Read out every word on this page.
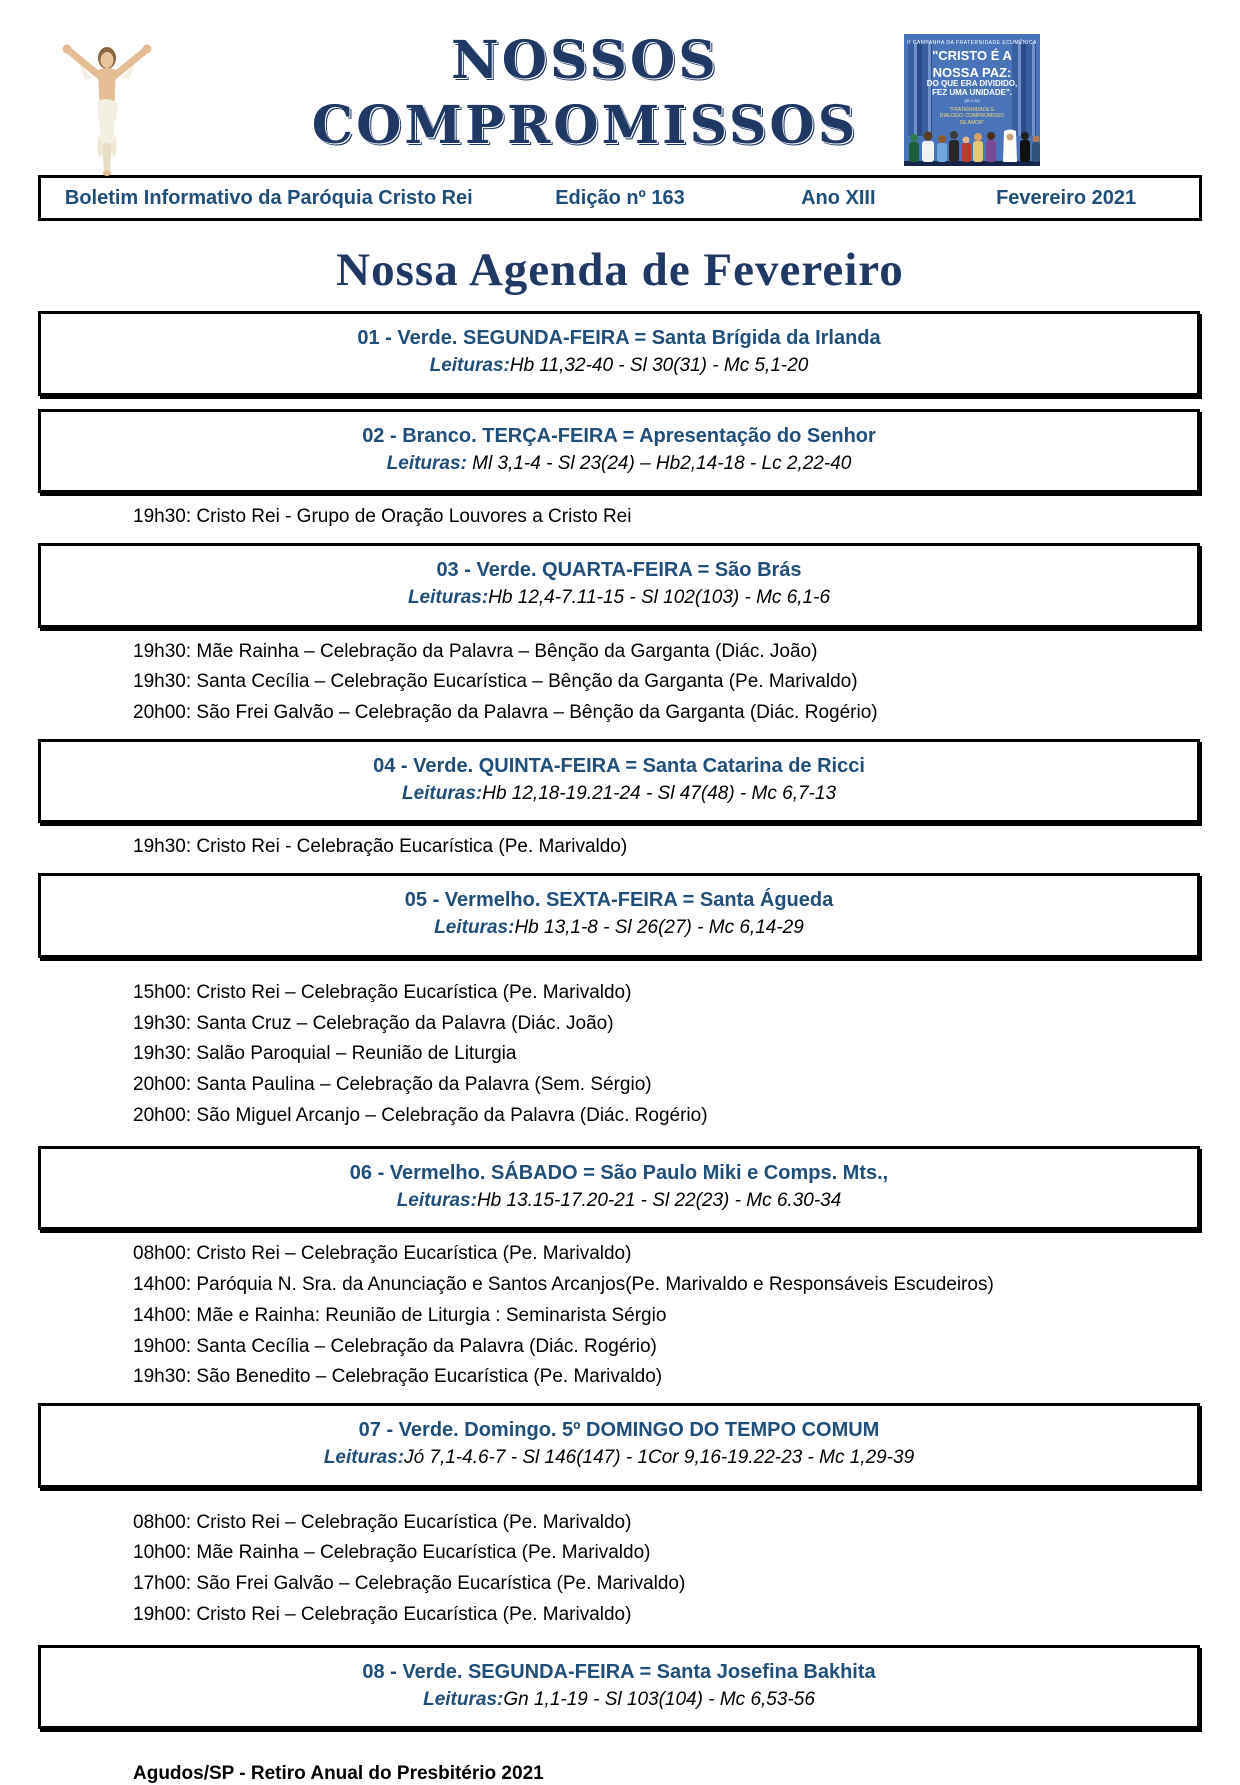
NOSSOS
COMPROMISSOS
II CAMPANHA DA FRATERNIDADE ECUMÊNICA
"CRISTO É A
NOSSA PAZ:
DO QUE ERA DIVIDIDO,
FEZ UMA UNIDADE".
(Ef 2,14)
"FRATERNIDADE E
DIÁLOGO: COMPROMISSO
DE AMOR"
Boletim Informativo da Paróquia Cristo Rei	Edição nº 163	Ano XIII	Fevereiro 2021
Nossa Agenda de Fevereiro
01 - Verde. SEGUNDA-FEIRA = Santa Brígida da Irlanda
Leituras:Hb 11,32-40 - Sl 30(31) - Mc 5,1-20
02 - Branco. TERÇA-FEIRA = Apresentação do Senhor
Leituras: Ml 3,1-4 - Sl 23(24) – Hb2,14-18 - Lc 2,22-40
19h30: Cristo Rei - Grupo de Oração Louvores a Cristo Rei
03 - Verde. QUARTA-FEIRA = São Brás
Leituras:Hb 12,4-7.11-15 - Sl 102(103) - Mc 6,1-6
19h30: Mãe Rainha – Celebração da Palavra – Bênção da Garganta (Diác. João)
19h30: Santa Cecília – Celebração Eucarística – Bênção da Garganta (Pe. Marivaldo)
20h00: São Frei Galvão – Celebração da Palavra – Bênção da Garganta (Diác. Rogério)
04 - Verde. QUINTA-FEIRA = Santa Catarina de Ricci
Leituras:Hb 12,18-19.21-24 - Sl 47(48) - Mc 6,7-13
19h30: Cristo Rei - Celebração Eucarística (Pe. Marivaldo)
05 - Vermelho. SEXTA-FEIRA = Santa Águeda
Leituras:Hb 13,1-8 - Sl 26(27) - Mc 6,14-29
15h00: Cristo Rei – Celebração Eucarística (Pe. Marivaldo)
19h30: Santa Cruz – Celebração da Palavra (Diác. João)
19h30: Salão Paroquial – Reunião de Liturgia
20h00: Santa Paulina – Celebração da Palavra (Sem. Sérgio)
20h00: São Miguel Arcanjo – Celebração da Palavra (Diác. Rogério)
06 - Vermelho. SÁBADO = São Paulo Miki e Comps. Mts.,
Leituras:Hb 13.15-17.20-21 - Sl 22(23) - Mc 6.30-34
08h00: Cristo Rei – Celebração Eucarística (Pe. Marivaldo)
14h00: Paróquia N. Sra. da Anunciação e Santos Arcanjos(Pe. Marivaldo e Responsáveis Escudeiros)
14h00: Mãe e Rainha: Reunião de Liturgia : Seminarista Sérgio
19h00: Santa Cecília – Celebração da Palavra (Diác. Rogério)
19h30: São Benedito – Celebração Eucarística (Pe. Marivaldo)
07 - Verde. Domingo. 5º DOMINGO DO TEMPO COMUM
Leituras:Jó 7,1-4.6-7 - Sl 146(147) - 1Cor 9,16-19.22-23 - Mc 1,29-39
08h00: Cristo Rei – Celebração Eucarística (Pe. Marivaldo)
10h00: Mãe Rainha – Celebração Eucarística (Pe. Marivaldo)
17h00: São Frei Galvão – Celebração Eucarística (Pe. Marivaldo)
19h00: Cristo Rei – Celebração Eucarística (Pe. Marivaldo)
08 - Verde. SEGUNDA-FEIRA = Santa Josefina Bakhita
Leituras:Gn 1,1-19 - Sl 103(104) - Mc 6,53-56
Agudos/SP - Retiro Anual do Presbitério 2021
